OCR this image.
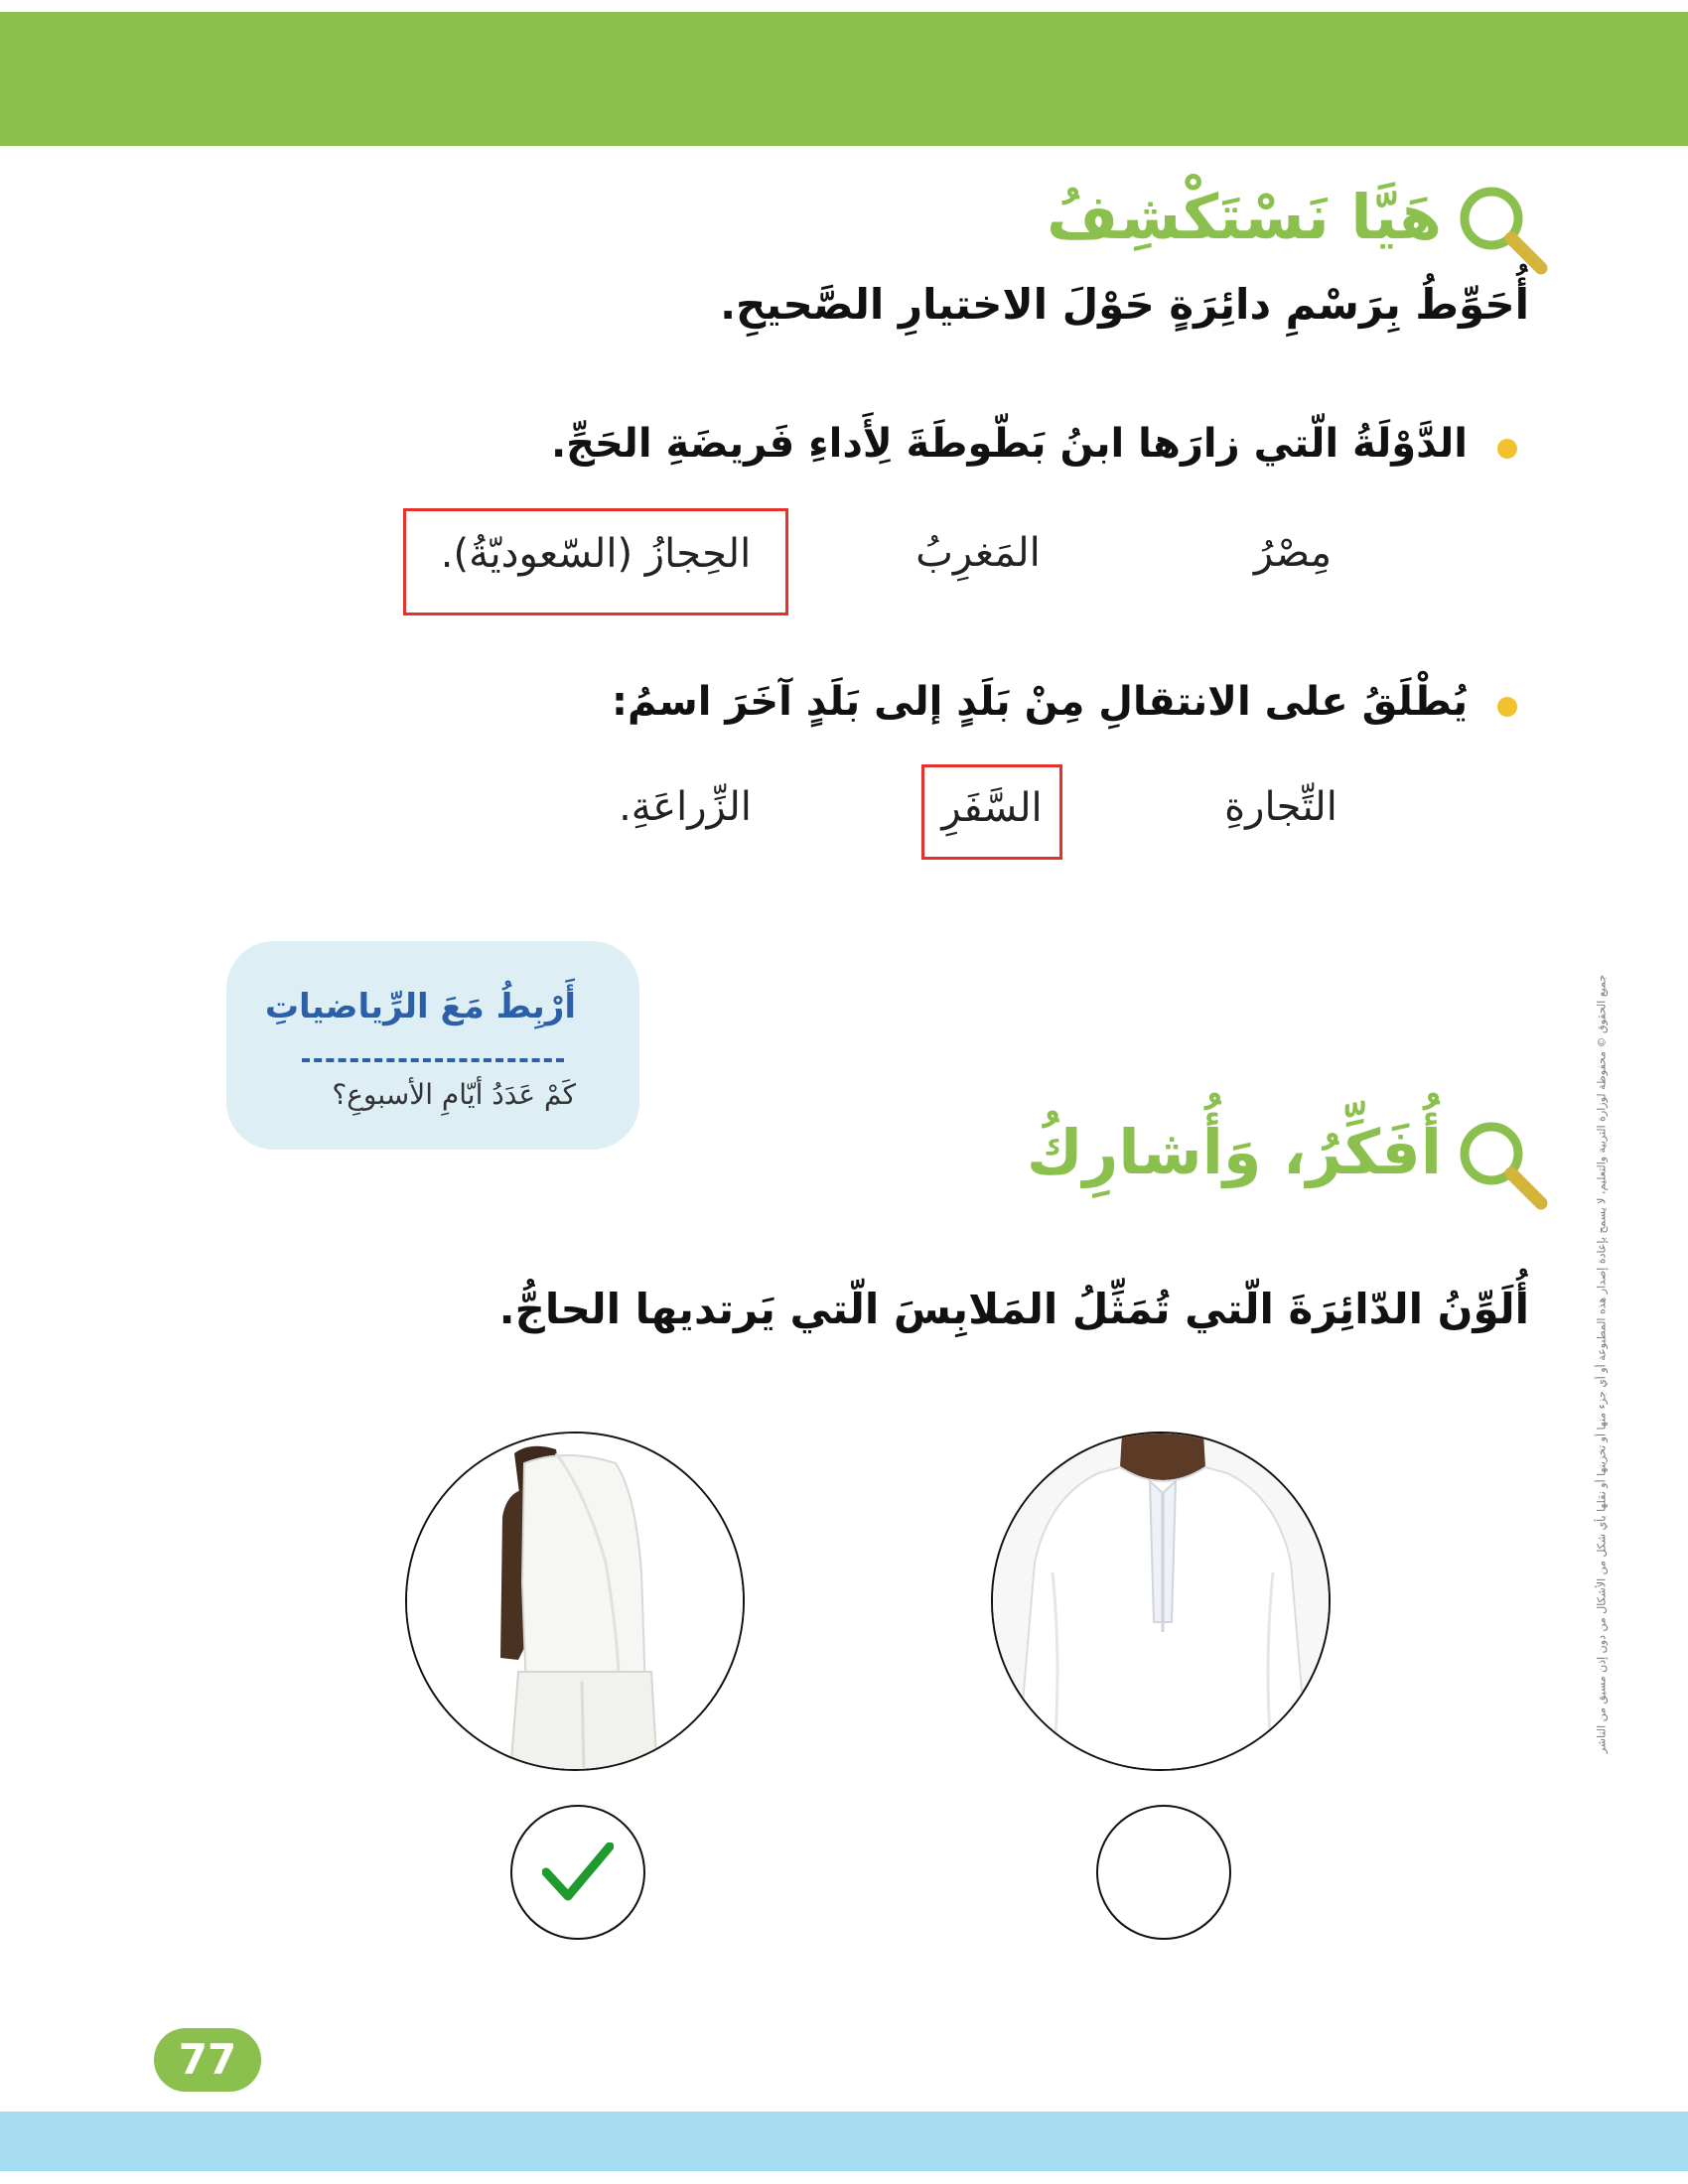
هَيَّا نَسْتَكْشِفُ
أُحَوِّطُ بِرَسْمِ دائِرَةٍ حَوْلَ الاختيارِ الصَّحيحِ.
الدَّوْلَةُ الّتي زارَها ابنُ بَطّوطَةَ لِأَداءِ فَريضَةِ الحَجِّ.
مِصْرُ
المَغرِبُ
الحِجازُ (السّعوديّةُ).
يُطْلَقُ على الانتقالِ مِنْ بَلَدٍ إلى بَلَدٍ آخَرَ اسمُ:
التِّجارةِ
السَّفَرِ
الزِّراعَةِ.
أَرْبِطُ مَعَ الرِّياضياتِ
كَمْ عَدَدُ أيّامِ الأسبوعِ؟
أُفَكِّرُ، وَأُشارِكُ
أُلَوِّنُ الدّائِرَةَ الّتي تُمَثِّلُ المَلابِسَ الّتي يَرتديها الحاجُّ.
77
جميع الحقوق © محفوظة لوزارة التربية والتعليم، لا يسمح بإعادة إصدار هذه المطبوعة أو أي جزء منها أو تخزينها أو نقلها بأي شكل من الأشكال من دون إذن مسبق من الناشر
